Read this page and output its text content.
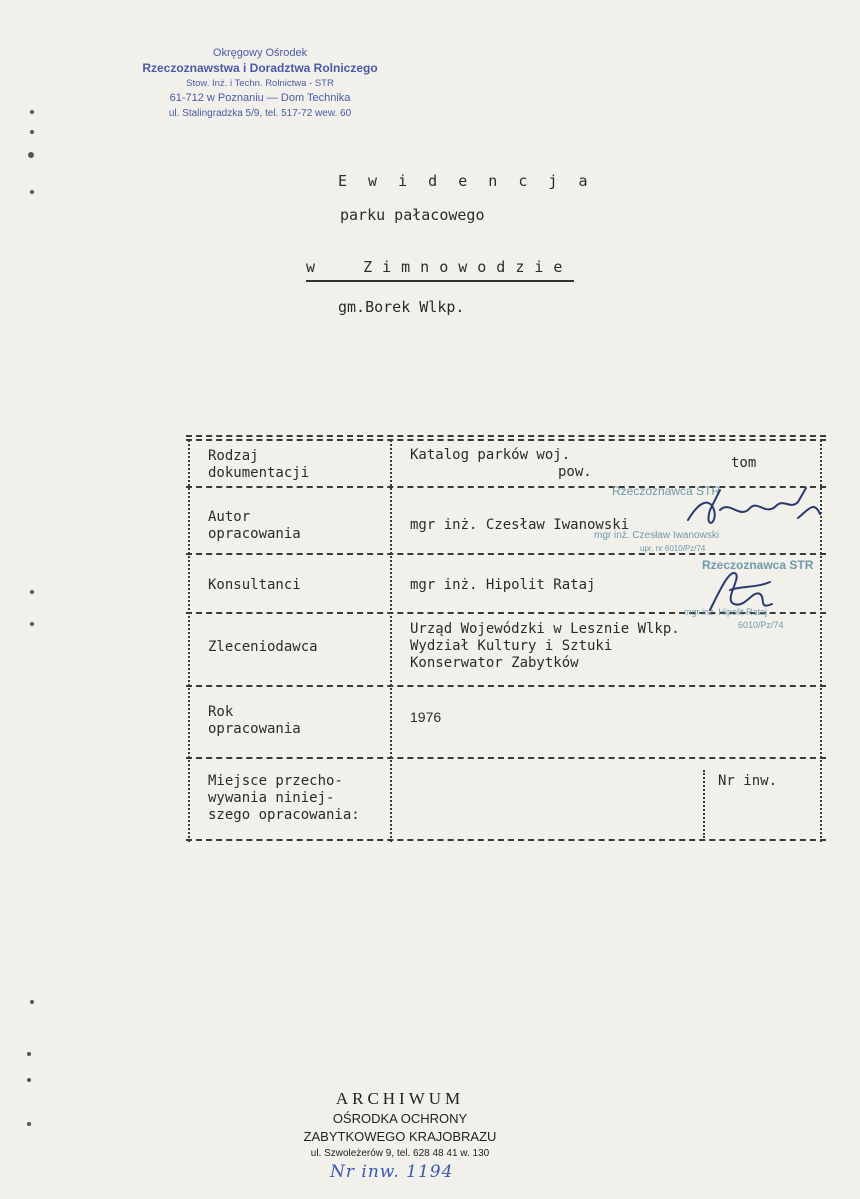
Okręgowy Ośrodek
Rzeczoznawstwa i Doradztwa Rolniczego
Stow. Inż. i Techn. Rolnictwa - STR
61-712 w Poznaniu — Dom Technika
ul. Stalingradzka 5/9, tel. 517-72 wew. 60
E w i d e n c j a
parku pałacowego
w  Zimnowodzie
gm.Borek Wlkp.
Rodzaj
dokumentacji
Katalog parków woj.
pow.
tom
Autor
opracowania
mgr inż. Czesław Iwanowski
Konsultanci	mgr inż. Hipolit Rataj
Zleceniodawca
Urząd Wojewódzki w Lesznie Wlkp.
Wydział Kultury i Sztuki
Konserwator Zabytków
Rok
opracowania
1976
Miejsce przecho-
wywania niniej-
szego opracowania:
Nr inw.
Rzeczoznawca STR
mgr inż. Czesław Iwanowski
upr. nr 6010/Pz/74
Rzeczoznawca STR
mgr inż. Hipolit Rataj
6010/Pz/74
ARCHIWUM
OŚRODKA OCHRONY
ZABYTKOWEGO KRAJOBRAZU
ul. Szwoleżerów 9, tel. 628 48 41 w. 130
Nr inw. 1194
